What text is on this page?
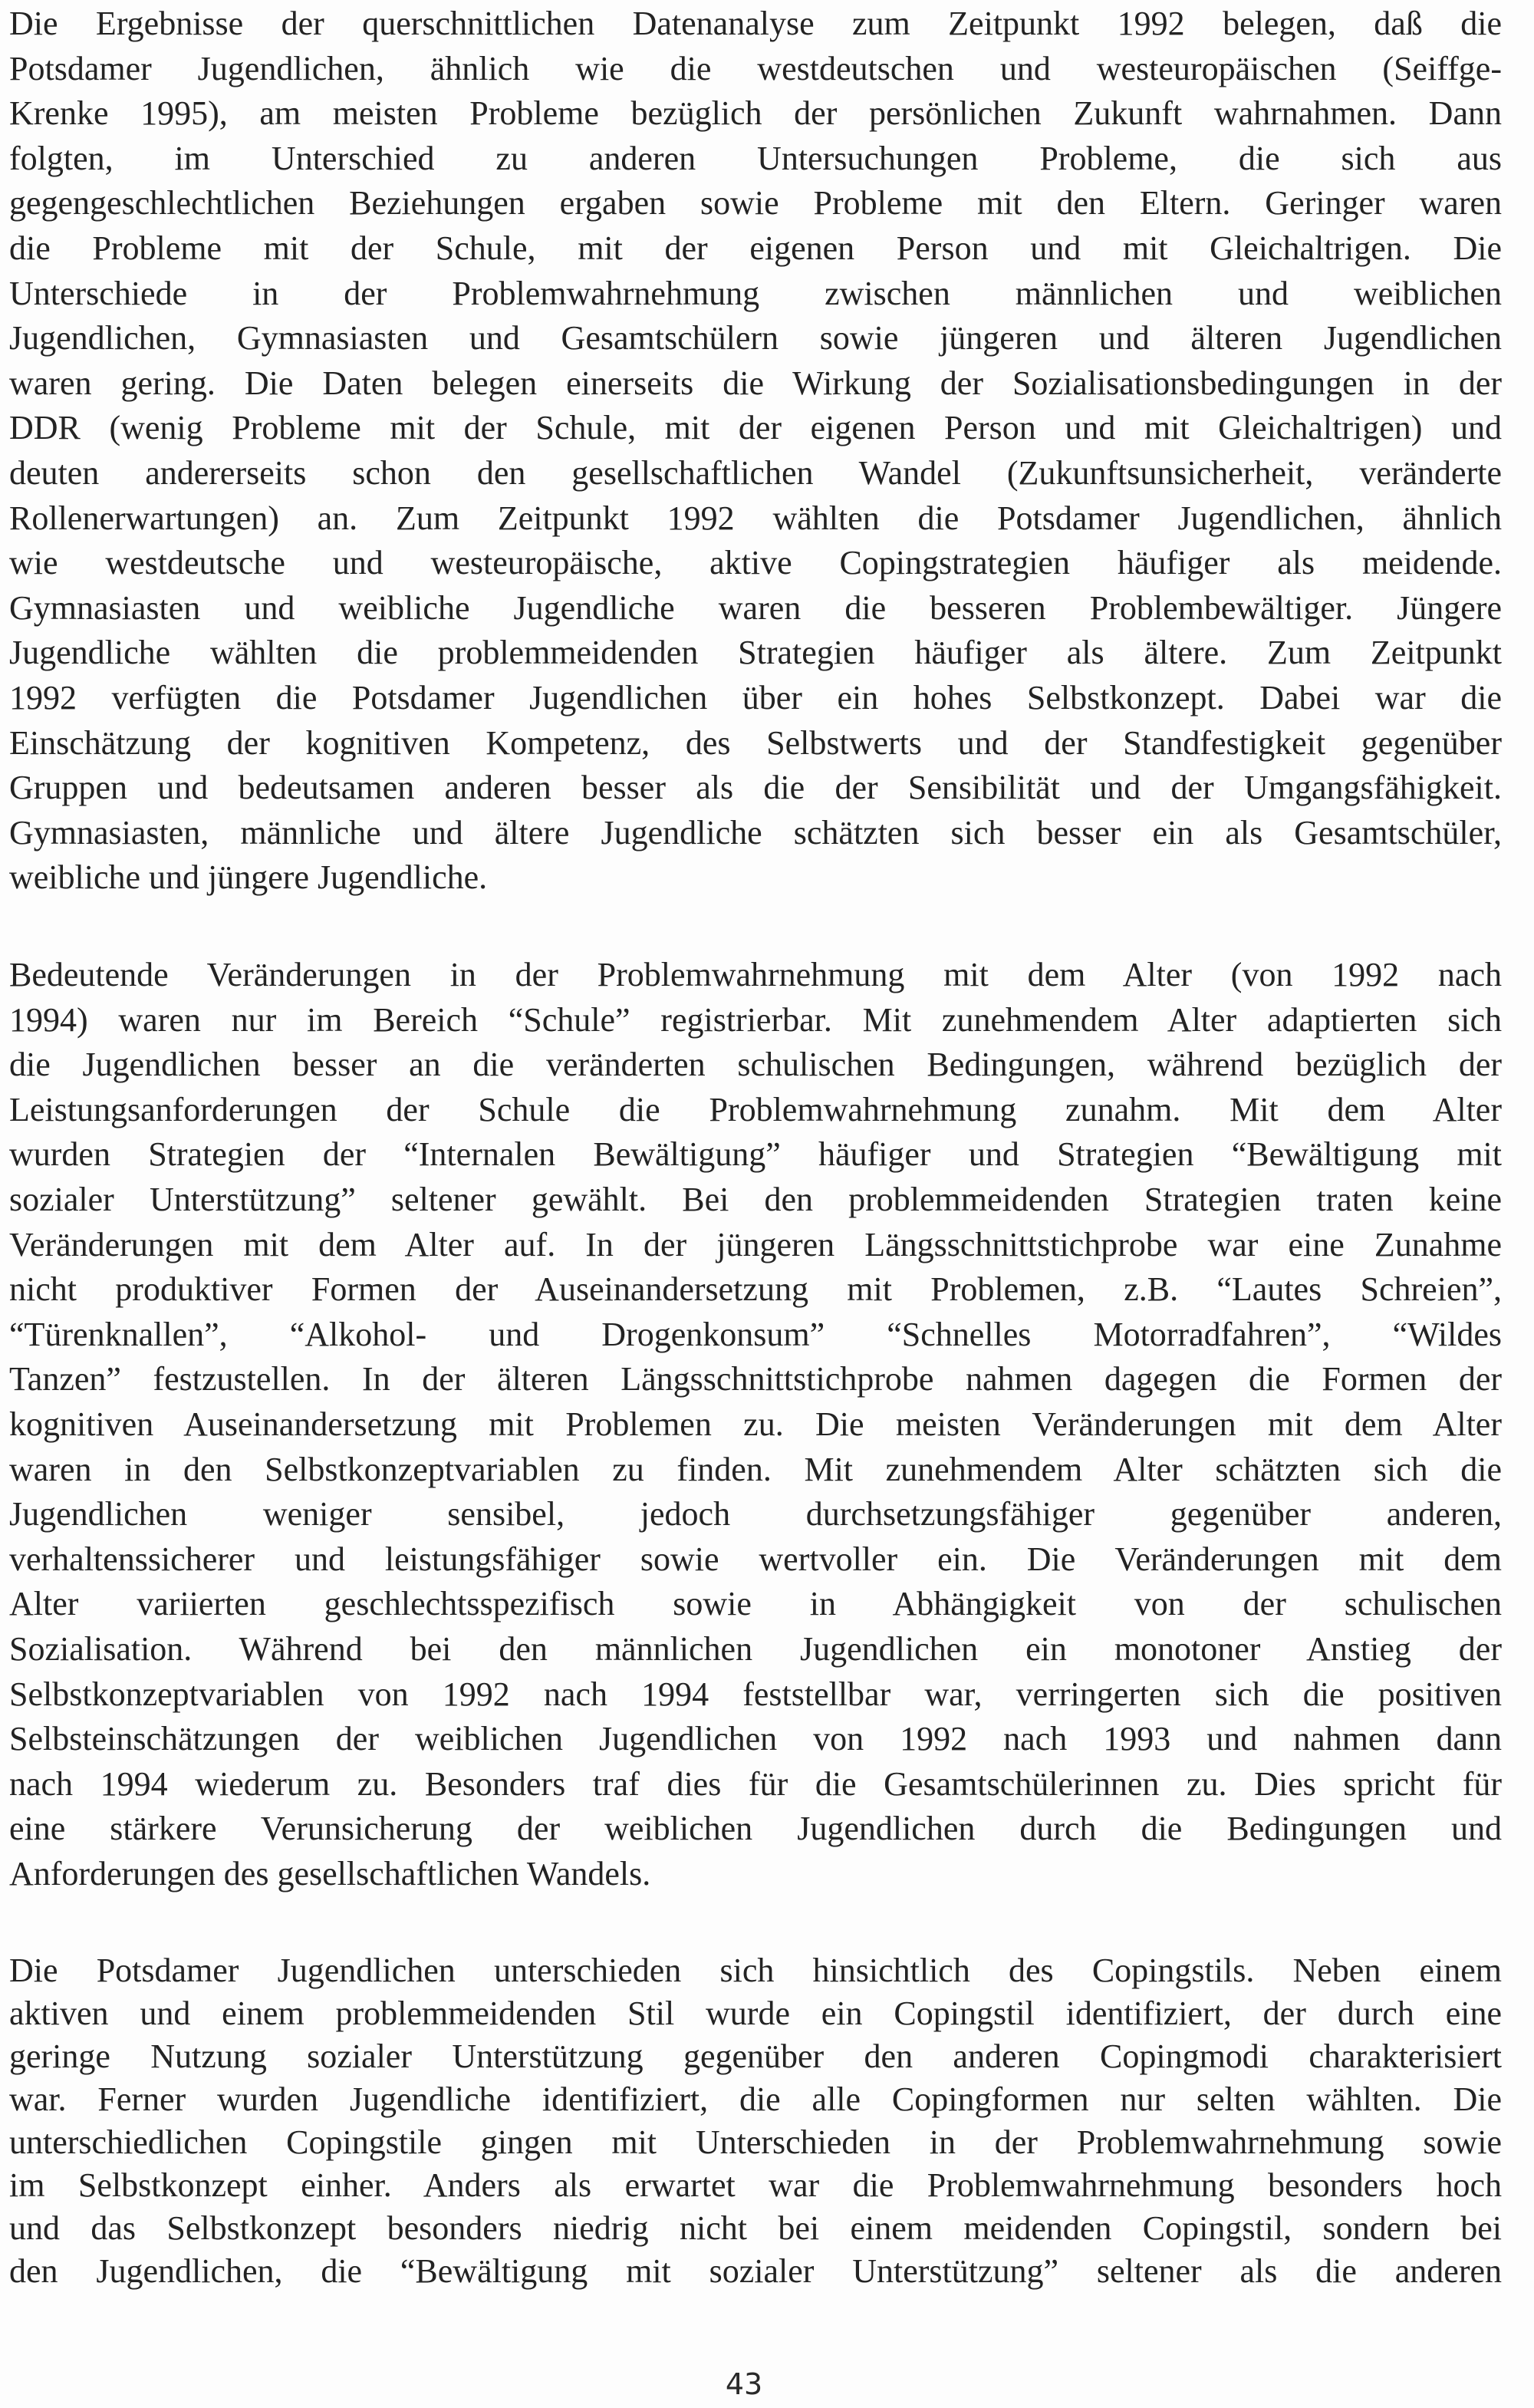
Die Ergebnisse der querschnittlichen Datenanalyse zum Zeitpunkt 1992 belegen, daß die
Potsdamer Jugendlichen, ähnlich wie die westdeutschen und westeuropäischen (Seiffge-
Krenke 1995), am meisten Probleme bezüglich der persönlichen Zukunft wahrnahmen. Dann
folgten, im Unterschied zu anderen Untersuchungen Probleme, die sich aus
gegengeschlechtlichen Beziehungen ergaben sowie Probleme mit den Eltern. Geringer waren
die Probleme mit der Schule, mit der eigenen Person und mit Gleichaltrigen. Die
Unterschiede in der Problemwahrnehmung zwischen männlichen und weiblichen
Jugendlichen, Gymnasiasten und Gesamtschülern sowie jüngeren und älteren Jugendlichen
waren gering. Die Daten belegen einerseits die Wirkung der Sozialisationsbedingungen in der
DDR (wenig Probleme mit der Schule, mit der eigenen Person und mit Gleichaltrigen) und
deuten andererseits schon den gesellschaftlichen Wandel (Zukunftsunsicherheit, veränderte
Rollenerwartungen) an. Zum Zeitpunkt 1992 wählten die Potsdamer Jugendlichen, ähnlich
wie westdeutsche und westeuropäische, aktive Copingstrategien häufiger als meidende.
Gymnasiasten und weibliche Jugendliche waren die besseren Problembewältiger. Jüngere
Jugendliche wählten die problemmeidenden Strategien häufiger als ältere. Zum Zeitpunkt
1992 verfügten die Potsdamer Jugendlichen über ein hohes Selbstkonzept. Dabei war die
Einschätzung der kognitiven Kompetenz, des Selbstwerts und der Standfestigkeit gegenüber
Gruppen und bedeutsamen anderen besser als die der Sensibilität und der Umgangsfähigkeit.
Gymnasiasten, männliche und ältere Jugendliche schätzten sich besser ein als Gesamtschüler,
weibliche und jüngere Jugendliche.
Bedeutende Veränderungen in der Problemwahrnehmung mit dem Alter (von 1992 nach
1994) waren nur im Bereich “Schule” registrierbar. Mit zunehmendem Alter adaptierten sich
die Jugendlichen besser an die veränderten schulischen Bedingungen, während bezüglich der
Leistungsanforderungen der Schule die Problemwahrnehmung zunahm. Mit dem Alter
wurden Strategien der “Internalen Bewältigung” häufiger und Strategien “Bewältigung mit
sozialer Unterstützung” seltener gewählt. Bei den problemmeidenden Strategien traten keine
Veränderungen mit dem Alter auf. In der jüngeren Längsschnittstichprobe war eine Zunahme
nicht produktiver Formen der Auseinandersetzung mit Problemen, z.B. “Lautes Schreien”,
“Türenknallen”, “Alkohol- und Drogenkonsum” “Schnelles Motorradfahren”, “Wildes
Tanzen” festzustellen. In der älteren Längsschnittstichprobe nahmen dagegen die Formen der
kognitiven Auseinandersetzung mit Problemen zu. Die meisten Veränderungen mit dem Alter
waren in den Selbstkonzeptvariablen zu finden. Mit zunehmendem Alter schätzten sich die
Jugendlichen weniger sensibel, jedoch durchsetzungsfähiger gegenüber anderen,
verhaltenssicherer und leistungsfähiger sowie wertvoller ein. Die Veränderungen mit dem
Alter variierten geschlechtsspezifisch sowie in Abhängigkeit von der schulischen
Sozialisation. Während bei den männlichen Jugendlichen ein monotoner Anstieg der
Selbstkonzeptvariablen von 1992 nach 1994 feststellbar war, verringerten sich die positiven
Selbsteinschätzungen der weiblichen Jugendlichen von 1992 nach 1993 und nahmen dann
nach 1994 wiederum zu. Besonders traf dies für die Gesamtschülerinnen zu. Dies spricht für
eine stärkere Verunsicherung der weiblichen Jugendlichen durch die Bedingungen und
Anforderungen des gesellschaftlichen Wandels.
Die Potsdamer Jugendlichen unterschieden sich hinsichtlich des Copingstils. Neben einem
aktiven und einem problemmeidenden Stil wurde ein Copingstil identifiziert, der durch eine
geringe Nutzung sozialer Unterstützung gegenüber den anderen Copingmodi charakterisiert
war. Ferner wurden Jugendliche identifiziert, die alle Copingformen nur selten wählten. Die
unterschiedlichen Copingstile gingen mit Unterschieden in der Problemwahrnehmung sowie
im Selbstkonzept einher. Anders als erwartet war die Problemwahrnehmung besonders hoch
und das Selbstkonzept besonders niedrig nicht bei einem meidenden Copingstil, sondern bei
den Jugendlichen, die “Bewältigung mit sozialer Unterstützung” seltener als die anderen
43
